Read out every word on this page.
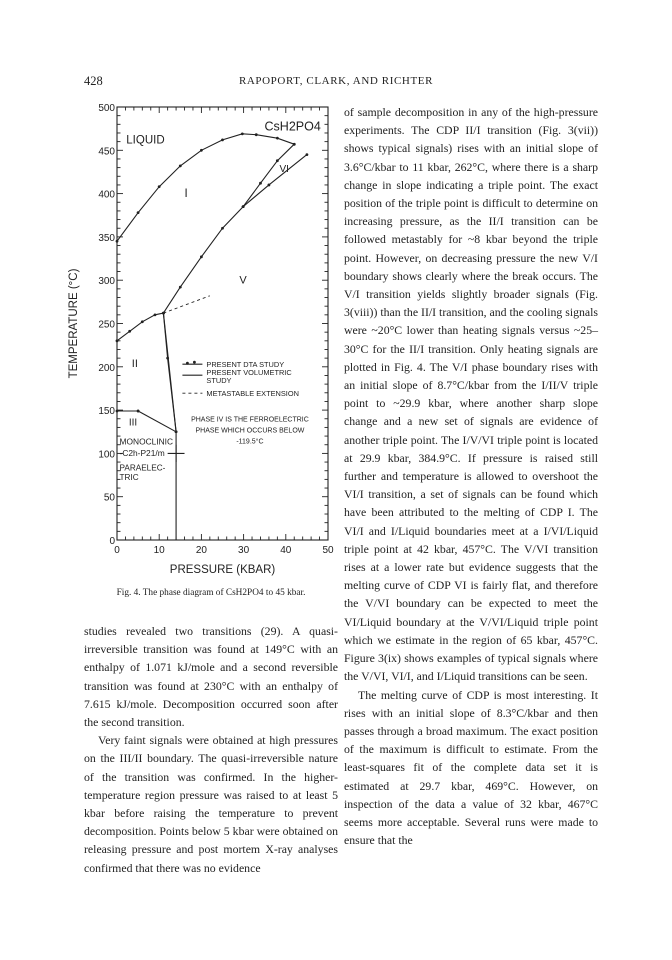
428	RAPOPORT, CLARK, AND RICHTER
0	10	20	30	40	50
0
50
100
150
200
250
300
350
400
450
500
PRESSURE (KBAR)
TEMPERATURE (°C)
LIQUID
I
VI
V
II
III
MONOCLINIC
-C2h-P21/m
PARAELEC-
TRIC
CsH2PO4
PRESENT DTA STUDY
PRESENT VOLUMETRIC
STUDY
METASTABLE EXTENSION
PHASE IV IS THE FERROELECTRIC
PHASE WHICH OCCURS BELOW
-119.5°C
Fig. 4. The phase diagram of CsH2PO4 to 45 kbar.

studies revealed two transitions (29). A quasi-irreversible transition was found at 149°C with an enthalpy of 1.071 kJ/mole and a second reversible transition was found at 230°C with an enthalpy of 7.615 kJ/mole. Decomposition occurred soon after the second transition.

Very faint signals were obtained at high pressures on the III/II boundary. The quasi-irreversible nature of the transition was confirmed. In the higher-temperature region pressure was raised to at least 5 kbar before raising the temperature to prevent decomposition. Points below 5 kbar were obtained on releasing pressure and post mortem X-ray analyses confirmed that there was no evidence

of sample decomposition in any of the high-pressure experiments. The CDP II/I transition (Fig. 3(vii)) shows typical signals) rises with an initial slope of 3.6°C/kbar to 11 kbar, 262°C, where there is a sharp change in slope indicating a triple point. The exact position of the triple point is difficult to determine on increasing pressure, as the II/I transition can be followed metastably for ~8 kbar beyond the triple point. However, on decreasing pressure the new V/I boundary shows clearly where the break occurs. The V/I transition yields slightly broader signals (Fig. 3(viii)) than the II/I transition, and the cooling signals were ~20°C lower than heating signals versus ~25–30°C for the II/I transition. Only heating signals are plotted in Fig. 4. The V/I phase boundary rises with an initial slope of 8.7°C/kbar from the I/II/V triple point to ~29.9 kbar, where another sharp slope change and a new set of signals are evidence of another triple point. The I/V/VI triple point is located at 29.9 kbar, 384.9°C. If pressure is raised still further and temperature is allowed to overshoot the VI/I transition, a set of signals can be found which have been attributed to the melting of CDP I. The VI/I and I/Liquid boundaries meet at a I/VI/Liquid triple point at 42 kbar, 457°C. The V/VI transition rises at a lower rate but evidence suggests that the melting curve of CDP VI is fairly flat, and therefore the V/VI boundary can be expected to meet the VI/Liquid boundary at the V/VI/Liquid triple point which we estimate in the region of 65 kbar, 457°C. Figure 3(ix) shows examples of typical signals where the V/VI, VI/I, and I/Liquid transitions can be seen.

The melting curve of CDP is most interesting. It rises with an initial slope of 8.3°C/kbar and then passes through a broad maximum. The exact position of the maximum is difficult to estimate. From the least-squares fit of the complete data set it is estimated at 29.7 kbar, 469°C. However, on inspection of the data a value of 32 kbar, 467°C seems more acceptable. Several runs were made to ensure that the
